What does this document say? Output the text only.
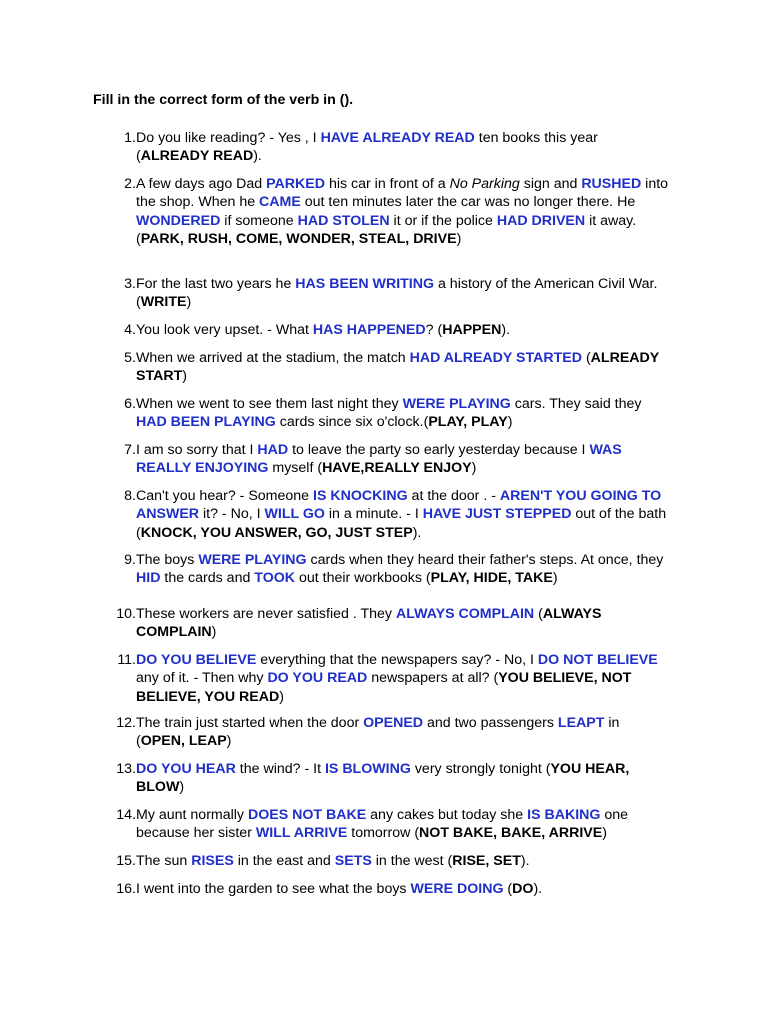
Fill in the correct form of the verb in ().
1. Do you like reading? - Yes , I HAVE ALREADY READ ten books this year (ALREADY READ).
2. A few days ago Dad PARKED his car in front of a No Parking sign and RUSHED into the shop. When he CAME out ten minutes later the car was no longer there. He WONDERED if someone HAD STOLEN it or if the police HAD DRIVEN it away. (PARK, RUSH, COME, WONDER, STEAL, DRIVE)
3. For the last two years he HAS BEEN WRITING a history of the American Civil War.(WRITE)
4. You look very upset. - What HAS HAPPENED? (HAPPEN).
5. When we arrived at the stadium, the match HAD ALREADY STARTED (ALREADY START)
6. When we went to see them last night they WERE PLAYING cars. They said they HAD BEEN PLAYING cards since six o'clock.(PLAY, PLAY)
7. I am so sorry that I HAD to leave the party so early yesterday because I WAS REALLY ENJOYING myself (HAVE,REALLY ENJOY)
8. Can't you hear? - Someone IS KNOCKING at the door . - AREN'T YOU GOING TO ANSWER it? - No, I WILL GO in a minute. - I HAVE JUST STEPPED out of the bath (KNOCK, YOU ANSWER, GO, JUST STEP).
9. The boys WERE PLAYING cards when they heard their father's steps. At once, they HID the cards and TOOK out their workbooks (PLAY, HIDE, TAKE)
10. These workers are never satisfied . They ALWAYS COMPLAIN (ALWAYS COMPLAIN)
11. DO YOU BELIEVE everything that the newspapers say? - No, I DO NOT BELIEVE any of it. - Then why DO YOU READ newspapers at all? (YOU BELIEVE, NOT BELIEVE, YOU READ)
12. The train just started when the door OPENED and two passengers LEAPT in (OPEN, LEAP)
13. DO YOU HEAR the wind? - It IS BLOWING very strongly tonight (YOU HEAR, BLOW)
14. My aunt normally DOES NOT BAKE any cakes but today she IS BAKING one because her sister WILL ARRIVE tomorrow (NOT BAKE, BAKE, ARRIVE)
15. The sun RISES in the east and SETS in the west (RISE, SET).
16. I went into the garden to see what the boys WERE DOING (DO).
